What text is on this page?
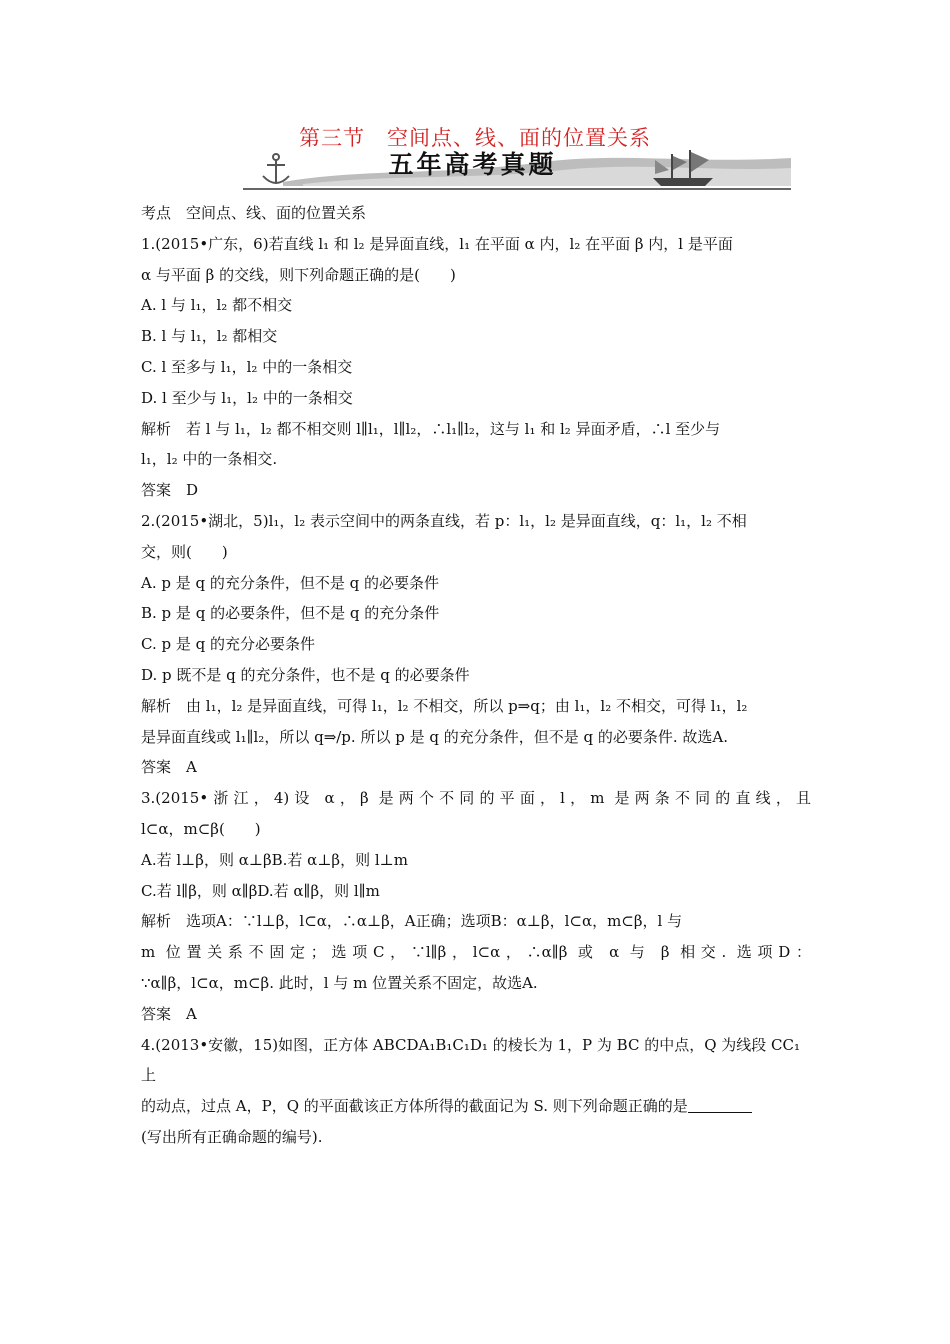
第三节　空间点、线、面的位置关系
五年高考真题

考点　空间点、线、面的位置关系

1.(2015•广东，6)若直线 l₁ 和 l₂ 是异面直线，l₁ 在平面 α 内，l₂ 在平面 β 内，l 是平面

α 与平面 β 的交线，则下列命题正确的是(　　)

A. l 与 l₁，l₂ 都不相交

B. l 与 l₁，l₂ 都相交

C. l 至多与 l₁，l₂ 中的一条相交

D. l 至少与 l₁，l₂ 中的一条相交

解析　若 l 与 l₁，l₂ 都不相交则 l∥l₁，l∥l₂，∴l₁∥l₂，这与 l₁ 和 l₂ 异面矛盾，∴l 至少与

l₁，l₂ 中的一条相交.

答案　D

2.(2015•湖北，5)l₁，l₂ 表示空间中的两条直线，若 p：l₁，l₂ 是异面直线，q：l₁，l₂ 不相

交，则(　　)

A. p 是 q 的充分条件，但不是 q 的必要条件

B. p 是 q 的必要条件，但不是 q 的充分条件

C. p 是 q 的充分必要条件

D. p 既不是 q 的充分条件，也不是 q 的必要条件

解析　由 l₁，l₂ 是异面直线，可得 l₁，l₂ 不相交，所以 p⇒q；由 l₁，l₂ 不相交，可得 l₁，l₂

是异面直线或 l₁∥l₂，所以 q⇒/p. 所以 p 是 q 的充分条件，但不是 q 的必要条件. 故选A.

答案　A

3.(2015•浙江，4)设 α，β 是两个不同的平面，l，m 是两条不同的直线，且

l⊂α，m⊂β(　　)

A.若 l⊥β，则 α⊥βB.若 α⊥β，则 l⊥m

C.若 l∥β，则 α∥βD.若 α∥β，则 l∥m

解析　选项A：∵l⊥β，l⊂α，∴α⊥β，A正确；选项B：α⊥β，l⊂α，m⊂β，l 与

m 位置关系不固定；选项C，∵l∥β，l⊂α，∴α∥β 或 α 与 β 相交. 选项D：

∵α∥β，l⊂α，m⊂β. 此时，l 与 m 位置关系不固定，故选A.

答案　A

4.(2013•安徽，15)如图，正方体 ABCDA₁B₁C₁D₁ 的棱长为 1，P 为 BC 的中点，Q 为线段 CC₁ 上

的动点，过点 A，P，Q 的平面截该正方体所得的截面记为 S. 则下列命题正确的是

(写出所有正确命题的编号).
